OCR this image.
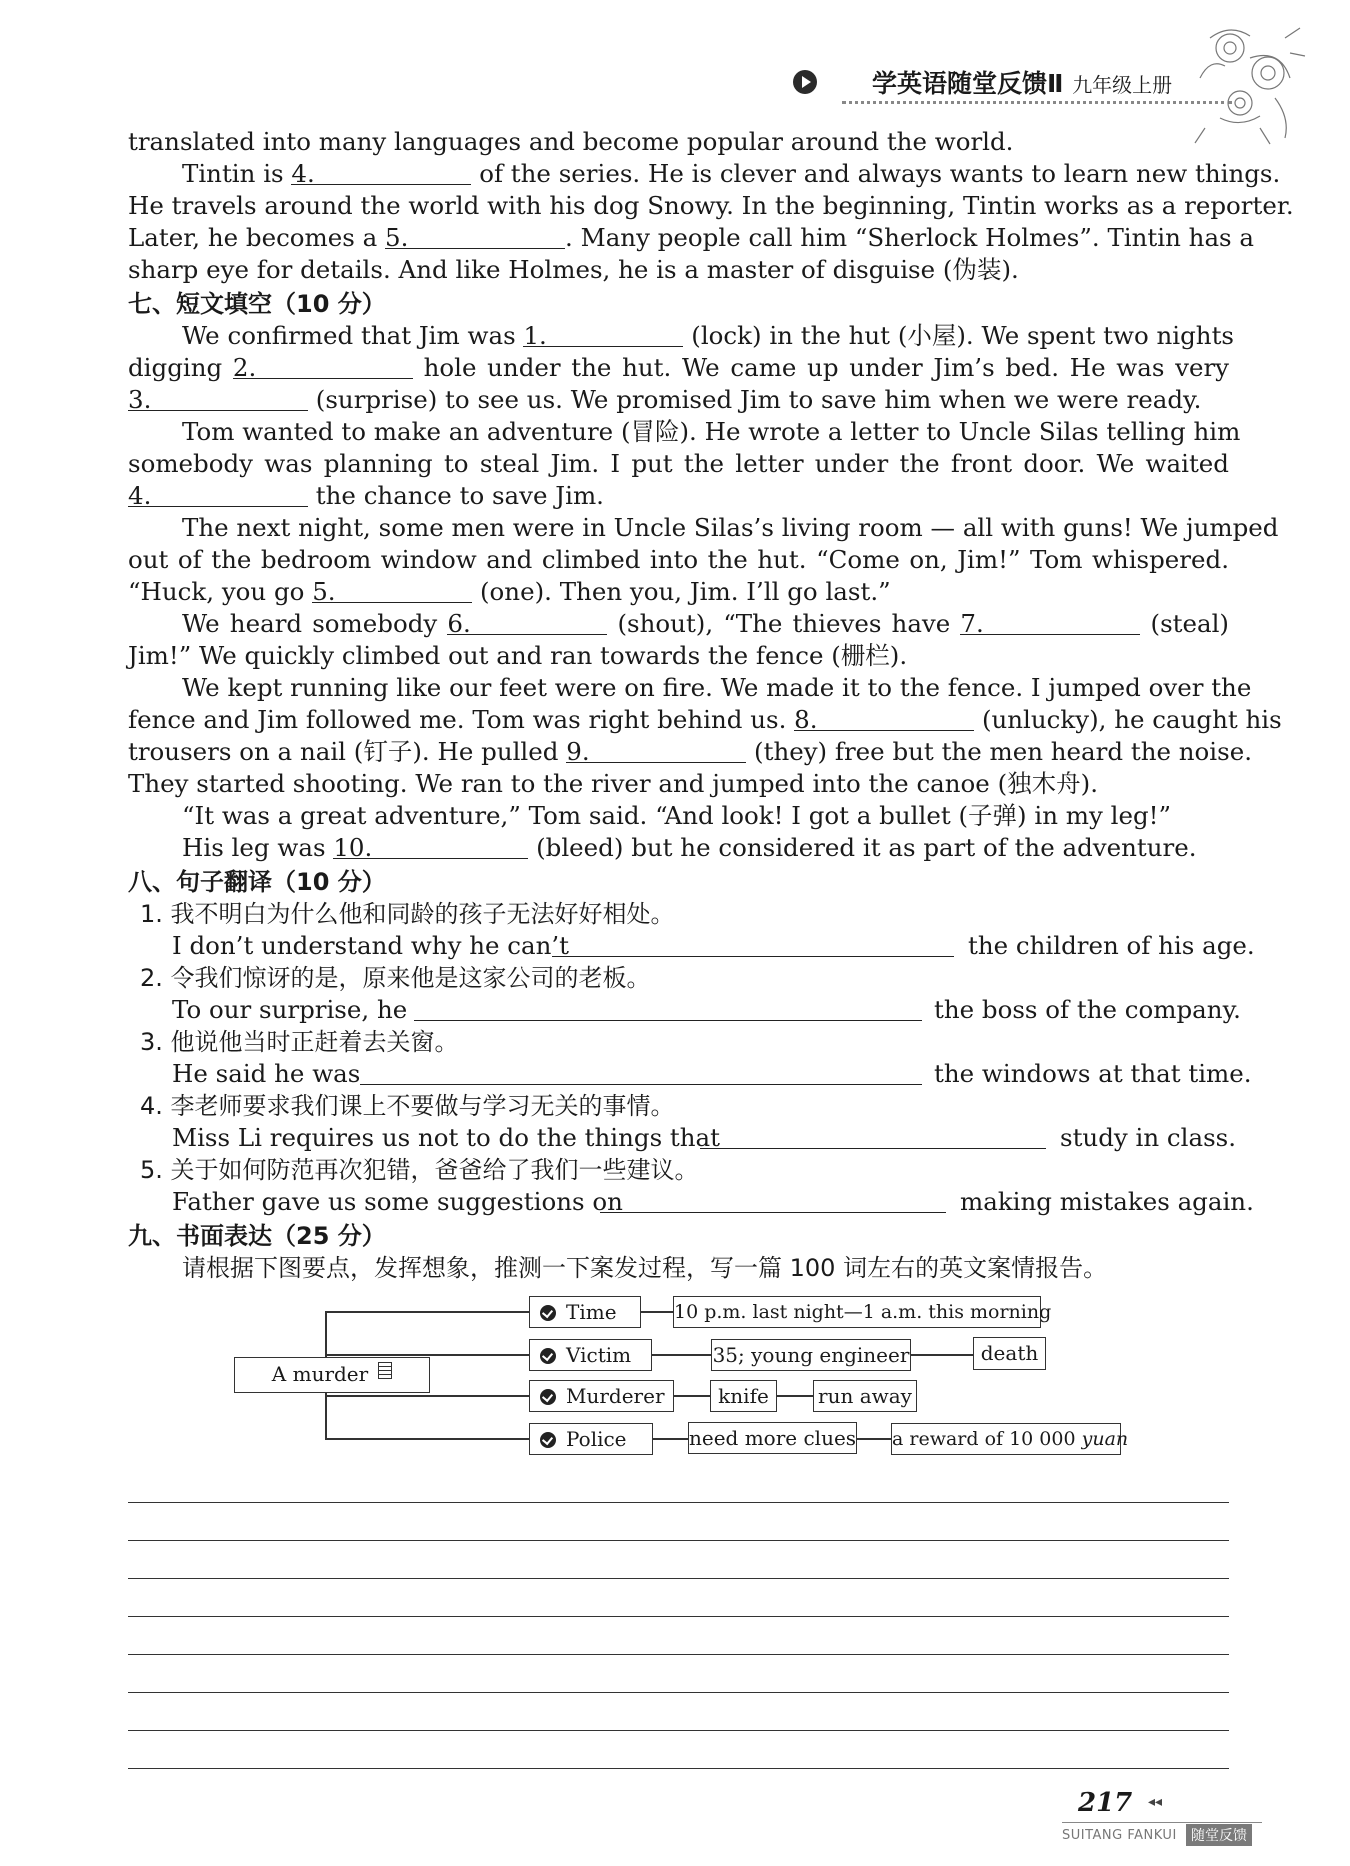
学英语随堂反馈Ⅱ 九年级上册
translated into many languages and become popular around the world.
Tintin is 4.	of the series. He is clever and always wants to learn new things.
He travels around the world with his dog Snowy. In the beginning, Tintin works as a reporter.
Later, he becomes a 5.	. Many people call him “Sherlock Holmes”. Tintin has a
sharp eye for details. And like Holmes, he is a master of disguise (伪装).
七、短文填空（10 分）
We confirmed that Jim was 1.	(lock) in the hut (小屋). We spent two nights
digging 2.	hole under the hut. We came up under Jim’s bed. He was very
3.	(surprise) to see us. We promised Jim to save him when we were ready.
Tom wanted to make an adventure (冒险). He wrote a letter to Uncle Silas telling him
somebody was planning to steal Jim. I put the letter under the front door. We waited
4.	the chance to save Jim.
The next night, some men were in Uncle Silas’s living room — all with guns! We jumped
out of the bedroom window and climbed into the hut. “Come on, Jim!” Tom whispered.
“Huck, you go 5.	(one). Then you, Jim. I’ll go last.”
We heard somebody 6.	(shout), “The thieves have 7.	(steal)
Jim!” We quickly climbed out and ran towards the fence (栅栏).
We kept running like our feet were on fire. We made it to the fence. I jumped over the
fence and Jim followed me. Tom was right behind us. 8.	(unlucky), he caught his
trousers on a nail (钉子). He pulled 9.	(they) free but the men heard the noise.
They started shooting. We ran to the river and jumped into the canoe (独木舟).
“It was a great adventure,” Tom said. “And look! I got a bullet (子弹) in my leg!”
His leg was 10.	(bleed) but he considered it as part of the adventure.
八、句子翻译（10 分）
1. 我不明白为什么他和同龄的孩子无法好好相处。
I don’t understand why he can’t	the children of his age.
2. 令我们惊讶的是，原来他是这家公司的老板。
To our surprise, he	the boss of the company.
3. 他说他当时正赶着去关窗。
He said he was	the windows at that time.
4. 李老师要求我们课上不要做与学习无关的事情。
Miss Li requires us not to do the things that	study in class.
5. 关于如何防范再次犯错，爸爸给了我们一些建议。
Father gave us some suggestions on	making mistakes again.
九、书面表达（25 分）
请根据下图要点，发挥想象，推测一下案发过程，写一篇 100 词左右的英文案情报告。
A murder
Time	10 p.m. last night—1 a.m. this morning
Victim	35; young engineer	death
Murderer	knife	run away
Police	need more clues a reward of 10 000 yuan
217 ◂◂
SUITANG FANKUI	随堂反馈
